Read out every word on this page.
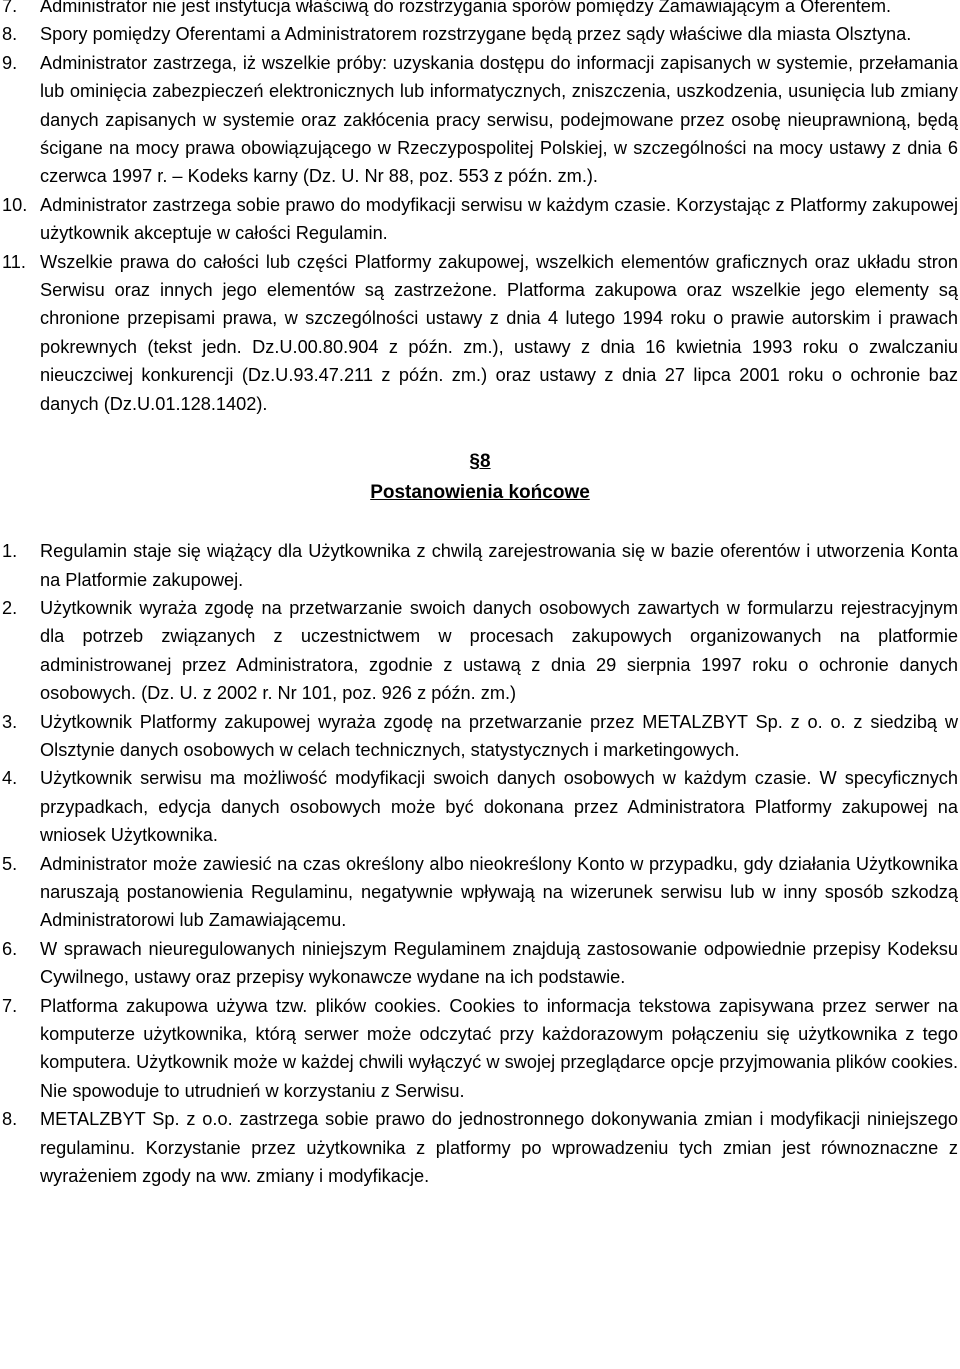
7.	Administrator nie jest instytucja właściwą do rozstrzygania sporów pomiędzy Zamawiającym a Oferentem.
8.	Spory pomiędzy Oferentami a Administratorem rozstrzygane będą przez sądy właściwe dla miasta Olsztyna.
9.	Administrator zastrzega, iż wszelkie próby: uzyskania dostępu do informacji zapisanych w systemie, przełamania lub ominięcia zabezpieczeń elektronicznych lub informatycznych, zniszczenia, uszkodzenia, usunięcia lub zmiany danych zapisanych w systemie oraz zakłócenia pracy serwisu, podejmowane przez osobę nieuprawnioną, będą ścigane na mocy prawa obowiązującego w Rzeczypospolitej Polskiej, w szczególności na mocy ustawy z dnia 6 czerwca 1997 r. – Kodeks karny (Dz. U. Nr 88, poz. 553 z późn. zm.).
10. Administrator zastrzega sobie prawo do modyfikacji serwisu w każdym czasie. Korzystając z Platformy zakupowej użytkownik akceptuje w całości Regulamin.
11. Wszelkie prawa do całości lub części Platformy zakupowej, wszelkich elementów graficznych oraz układu stron Serwisu oraz innych jego elementów są zastrzeżone. Platforma zakupowa oraz wszelkie jego elementy są chronione przepisami prawa, w szczególności ustawy z dnia 4 lutego 1994 roku o prawie autorskim i prawach pokrewnych (tekst jedn. Dz.U.00.80.904 z późn. zm.), ustawy z dnia 16 kwietnia 1993 roku o zwalczaniu nieuczciwej konkurencji (Dz.U.93.47.211 z późn. zm.) oraz ustawy z dnia 27 lipca 2001 roku o ochronie baz danych (Dz.U.01.128.1402).
§8
Postanowienia końcowe
1.	Regulamin staje się wiążący dla Użytkownika z chwilą zarejestrowania się w bazie oferentów i utworzenia Konta na Platformie zakupowej.
2.	Użytkownik wyraża zgodę na przetwarzanie swoich danych osobowych zawartych w formularzu rejestracyjnym dla potrzeb związanych z uczestnictwem w procesach zakupowych organizowanych na platformie administrowanej przez Administratora, zgodnie z ustawą z dnia 29 sierpnia 1997 roku o ochronie danych osobowych. (Dz. U. z 2002 r. Nr 101, poz. 926 z późn. zm.)
3.	Użytkownik Platformy zakupowej wyraża zgodę na przetwarzanie przez METALZBYT Sp. z o. o. z siedzibą w Olsztynie danych osobowych w celach technicznych, statystycznych i marketingowych.
4.	Użytkownik serwisu ma możliwość modyfikacji swoich danych osobowych w każdym czasie. W specyficznych przypadkach, edycja danych osobowych może być dokonana przez Administratora Platformy zakupowej na wniosek Użytkownika.
5.	Administrator może zawiesić na czas określony albo nieokreślony Konto w przypadku, gdy działania Użytkownika naruszają postanowienia Regulaminu, negatywnie wpływają na wizerunek serwisu lub w inny sposób szkodzą Administratorowi lub Zamawiającemu.
6.	W sprawach nieuregulowanych niniejszym Regulaminem znajdują zastosowanie odpowiednie przepisy Kodeksu Cywilnego, ustawy oraz przepisy wykonawcze wydane na ich podstawie.
7.	Platforma zakupowa używa tzw. plików cookies. Cookies to informacja tekstowa zapisywana przez serwer na komputerze użytkownika, którą serwer może odczytać przy każdorazowym połączeniu się użytkownika z tego komputera. Użytkownik może w każdej chwili wyłączyć w swojej przeglądarce opcje przyjmowania plików cookies. Nie spowoduje to utrudnień w korzystaniu z Serwisu.
8.	METALZBYT Sp. z o.o. zastrzega sobie prawo do jednostronnego dokonywania zmian i modyfikacji niniejszego regulaminu. Korzystanie przez użytkownika z platformy po wprowadzeniu tych zmian jest równoznaczne z wyrażeniem zgody na ww. zmiany i modyfikacje.
